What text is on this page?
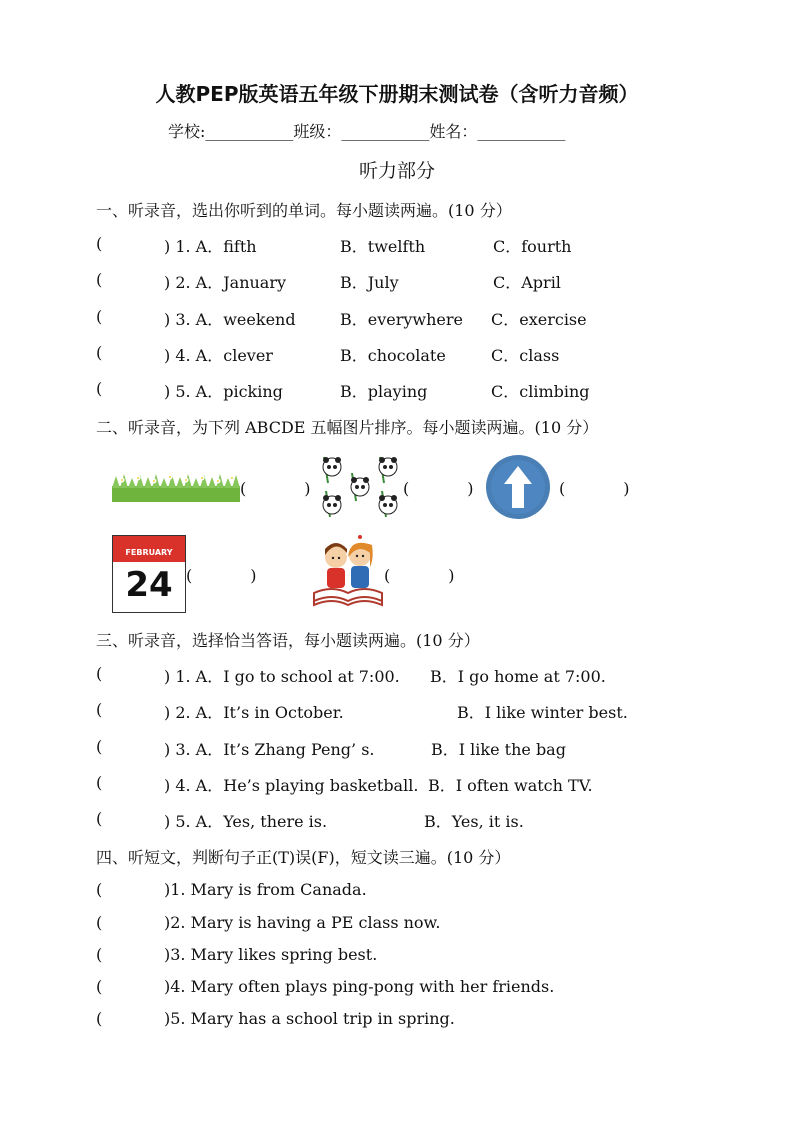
人教PEP版英语五年级下册期末测试卷（含听力音频）
学校:___________班级：___________姓名：___________
听力部分
一、听录音，选出你听到的单词。每小题读两遍。(10 分）
(	) 1. A．fifth	B．twelfth	C．fourth
(	) 2. A．January	B．July	C．April
(	) 3. A．weekend	B．everywhere C．exercise
(	) 4. A．clever	B．chocolate	C．class
(	) 5. A．picking	B．playing	C．climbing
二、听录音，为下列 ABCDE 五幅图片排序。每小题读两遍。(10 分）
(	)	(	)	(	)
FEBRUARY
24 (	)	(	)
三、听录音，选择恰当答语，每小题读两遍。(10 分）
(	) 1. A．I go to school at 7:00. B．I go home at 7:00.
(	) 2. A．It’s in October.	B．I like winter best.
(	) 3. A．It’s Zhang Peng’ s.	B．I like the bag
(	) 4. A．He’s playing basketball. B．I often watch TV.
(	) 5. A．Yes, there is.	B．Yes, it is.
四、听短文，判断句子正(T)误(F)，短文读三遍。(10 分）
(	)1. Mary is from Canada.
(	)2. Mary is having a PE class now.
(	)3. Mary likes spring best.
(	)4. Mary often plays ping-pong with her friends.
(	)5. Mary has a school trip in spring.
